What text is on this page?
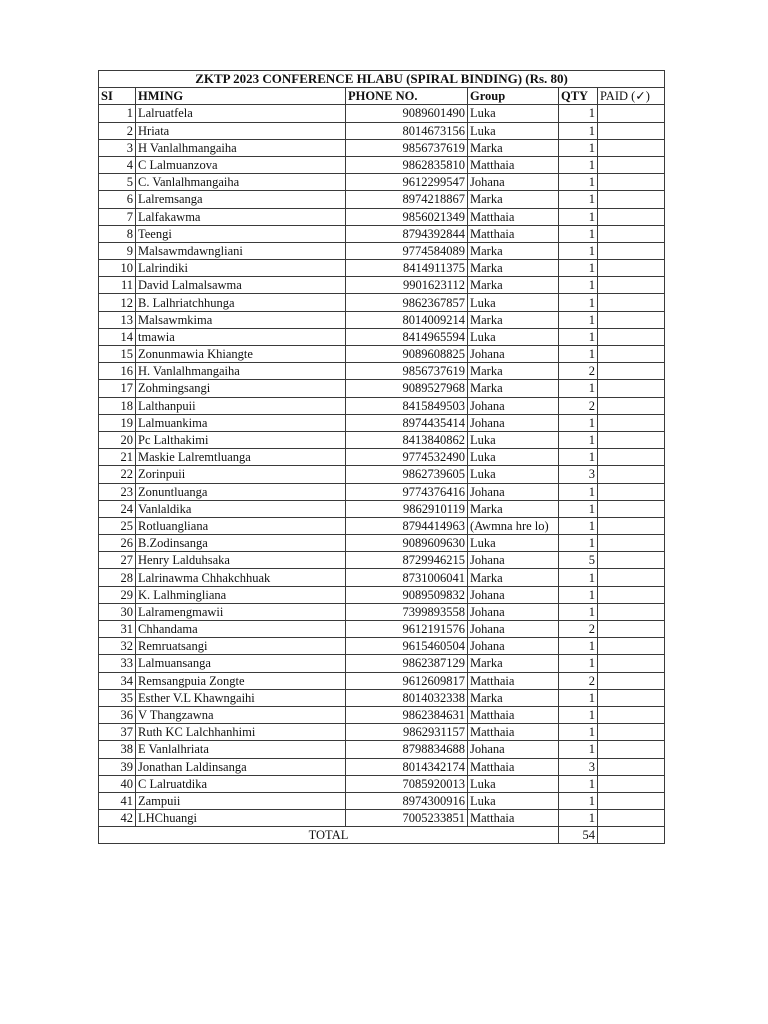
ZKTP 2023 CONFERENCE HLABU (SPIRAL BINDING) (Rs. 80)					
SI	HMING	PHONE NO.	Group	QTY	PAID (✓)
1	Lalruatfela	9089601490	Luka	1	
2	Hriata	8014673156	Luka	1	
3	H Vanlalhmangaiha	9856737619	Marka	1	
4	C Lalmuanzova	9862835810	Matthaia	1	
5	C. Vanlalhmangaiha	9612299547	Johana	1	
6	Lalremsanga	8974218867	Marka	1	
7	Lalfakawma	9856021349	Matthaia	1	
8	Teengi	8794392844	Matthaia	1	
9	Malsawmdawngliani	9774584089	Marka	1	
10	Lalrindiki	8414911375	Marka	1	
11	David Lalmalsawma	9901623112	Marka	1	
12	B. Lalhriatchhunga	9862367857	Luka	1	
13	Malsawmkima	8014009214	Marka	1	
14	tmawia	8414965594	Luka	1	
15	Zonunmawia Khiangte	9089608825	Johana	1	
16	H. Vanlalhmangaiha	9856737619	Marka	2	
17	Zohmingsangi	9089527968	Marka	1	
18	Lalthanpuii	8415849503	Johana	2	
19	Lalmuankima	8974435414	Johana	1	
20	Pc Lalthakimi	8413840862	Luka	1	
21	Maskie Lalremtluanga	9774532490	Luka	1	
22	Zorinpuii	9862739605	Luka	3	
23	Zonuntluanga	9774376416	Johana	1	
24	Vanlaldika	9862910119	Marka	1	
25	Rotluangliana	8794414963	(Awmna hre lo)	1	
26	B.Zodinsanga	9089609630	Luka	1	
27	Henry Lalduhsaka	8729946215	Johana	5	
28	Lalrinawma Chhakchhuak	8731006041	Marka	1	
29	K. Lalhmingliana	9089509832	Johana	1	
30	Lalramengmawii	7399893558	Johana	1	
31	Chhandama	9612191576	Johana	2	
32	Remruatsangi	9615460504	Johana	1	
33	Lalmuansanga	9862387129	Marka	1	
34	Remsangpuia Zongte	9612609817	Matthaia	2	
35	Esther V.L Khawngaihi	8014032338	Marka	1	
36	V Thangzawna	9862384631	Matthaia	1	
37	Ruth KC Lalchhanhimi	9862931157	Matthaia	1	
38	E Vanlalhriata	8798834688	Johana	1	
39	Jonathan Laldinsanga	8014342174	Matthaia	3	
40	C Lalruatdika	7085920013	Luka	1	
41	Zampuii	8974300916	Luka	1	
42	LHChuangi	7005233851	Matthaia	1	
TOTAL				54	
